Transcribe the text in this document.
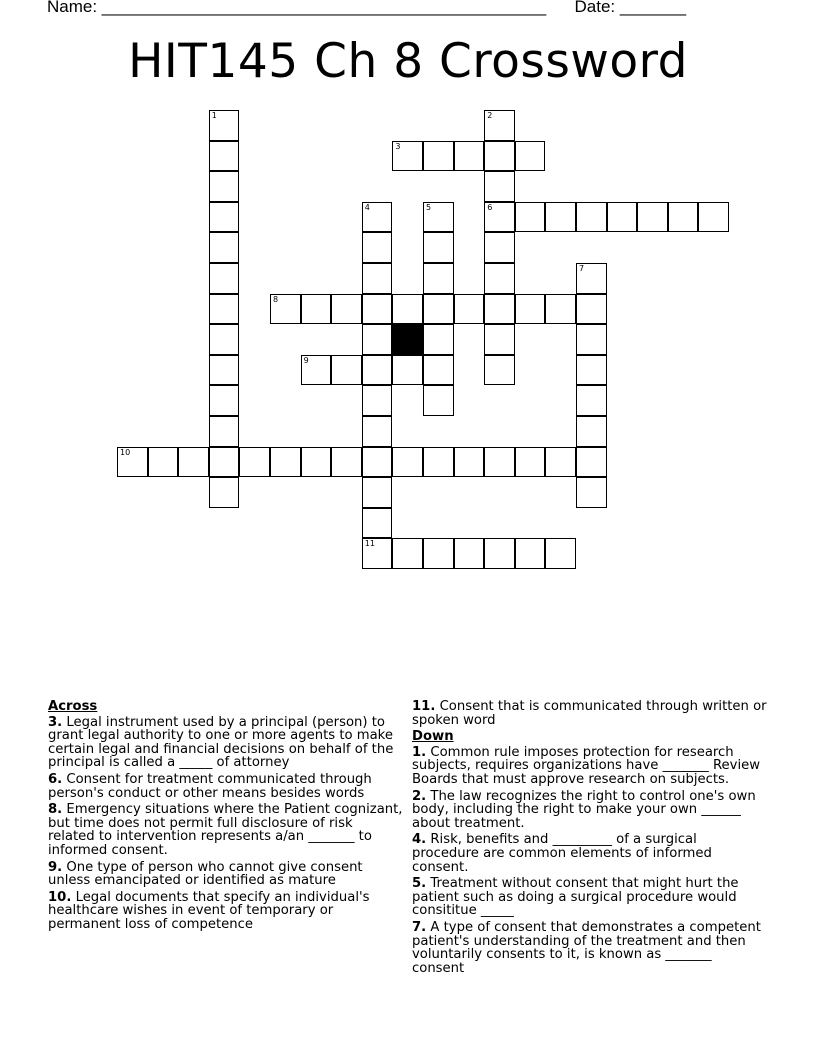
Name: _______________________________________________ Date: _______
HIT145 Ch 8 Crossword
1	2
6
3
4
11
5
7
8
9
10
Across
3. Legal instrument used by a principal (person) to grant legal authority to one or more agents to make certain legal and financial decisions on behalf of the principal is called a _____ of attorney
6. Consent for treatment communicated through person's conduct or other means besides words
8. Emergency situations where the Patient cognizant, but time does not permit full disclosure of risk related to intervention represents a/an _______ to informed consent.
9. One type of person who cannot give consent unless emancipated or identified as mature
10. Legal documents that specify an individual's healthcare wishes in event of temporary or permanent loss of competence
11. Consent that is communicated through written or spoken word
Down
1. Common rule imposes protection for research subjects, requires organizations have _______ Review Boards that must approve research on subjects.
2. The law recognizes the right to control one's own body, including the right to make your own ______ about treatment.
4. Risk, benefits and _________ of a surgical procedure are common elements of informed consent.
5. Treatment without consent that might hurt the patient such as doing a surgical procedure would consititue _____
7. A type of consent that demonstrates a competent patient's understanding of the treatment and then voluntarily consents to it, is known as _______ consent
